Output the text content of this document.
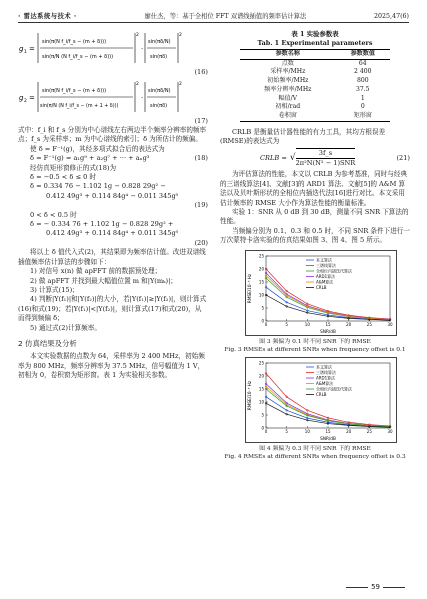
· 雷达系统与技术 ·	廖仕杰，等：基于全相位 FFT 双谱线插值的频率估计算法	2025,47(6)
g 1 =
sin(π(N f_i/f_s − (m + δ)))
sin(π/N (N f_i/f_s − (m + δ)))
2
·
sin(πδ/N)
sin(πδ)
2
(16)
g 2 =
sin(π(N f_i/f_s − (m + δ)))
sin(π/N (N f_i/f_s − (m + 1 + δ)))
2
·
sin(πδ/N)
sin(πδ)
2
(17)

式中：f_i 和 f_s 分别为中心谱线左右两边半个频率分辨率的频率点；f_s 为采样率；m 为中心谱线的索引；δ 为所估计的频偏。

使 δ = F⁻¹(g)，其经多项式拟合后的表达式为

δ = F⁻¹(g) = a₁g⁹ + a₂g⁷ + ··· + aₙg³	(18)

经仿真矩形窗修正的式(18)为

δ = −0.5 < δ ≤ 0 时
δ = 0.334 76 − 1.102 1g − 0.828 29g² −
0.412 49g³ + 0.114 84g⁴ − 0.011 345g⁵
(19)
0 < δ < 0.5 时
δ = − 0.334 76 + 1.102 1g − 0.828 29g² +
0.412 49g³ + 0.114 84g⁴ + 0.011 345g⁵
(20)

将以上 δ 值代入式(2)，其结果即为频率估计值。改进双谱线插值频率估计算法的步骤如下：

1) 对信号 x(n) 做 apFFT 前的数据预处理；
2) 做 apFFT 并找到最大幅值位置 m 和|Y(mₖ)|；
3) 计算式(15)；
4) 判断|Y(f₁)|和|Y(f₂)|的大小，若|Y(f₁)|≥|Y(f₂)|，则计算式(16)和式(19)；若|Y(f₁)|<|Y(f₂)|，则计算式(17)和式(20)，从而得到频偏 δ；
5) 通过式(2)计算频率。
2 仿真结果及分析

本文实验数据的点数为 64，采样率为 2 400 MHz，初始频率为 800 MHz，频率分辨率为 37.5 MHz，信号幅值为 1 V，初相为 0，卷积窗为矩形窗。表 1 为实验相关参数。

表 1 实验参数表
Tab. 1 Experimental parameters
参数名称	参数数值
点数	64
采样率/MHz	2 400
初始频率/MHz	800
频率分辨率/MHz	37.5
幅值/V	1
初相/rad	0
卷积窗	矩形窗

CRLB 是衡量估计器性能的有力工具，其均方根误差(RMSE)的表达式为

CRLB = √ $\frac{3f\_s}{\text{2π²N(N² − 1)SNR}}$	(21)

为评估算法的性能，本文以 CRLB 为参考基准，同时与经典的三谱线算法[4]、文献[3]的 ARD1 算法、文献[5]的 A&M 算法以及贝叶斯形状的全相位内插迭代法[16]进行对比。本文采用估计频率的 RMSE 大小作为算法性能的衡量标准。

实验 1：SNR 从 0 dB 到 30 dB，测量不同 SNR 下算法的性能。

当频偏分别为 0.1、0.3 和 0.5 时，不同 SNR 条件下进行一万次蒙特卡洛实验的仿真结果如图 3、图 4、图 5 所示。

0
5
10
15
20
25
0	5	10	15	20	25	30
SNR/dB
RMSE/10⁻³ Hz
本文算法
三谱线算法
全相位内插迭代算法
ARD1算法
A&M算法
CRLB
图 3 频偏为 0.1 时不同 SNR 下的 RMSE
Fig. 3 RMSEs at different SNRs when frequency offset is 0.1
0
5
10
15
20
25
0	5	10	15	20	25	30
SNR/dB
RMSE/10⁻³ Hz
本文算法
三谱线算法
ARD1算法
A&M算法
全相位内插迭代算法
CRLB
图 4 频偏为 0.3 时不同 SNR 下的 RMSE
Fig. 4 RMSEs at different SNRs when frequency offset is 0.3
59
